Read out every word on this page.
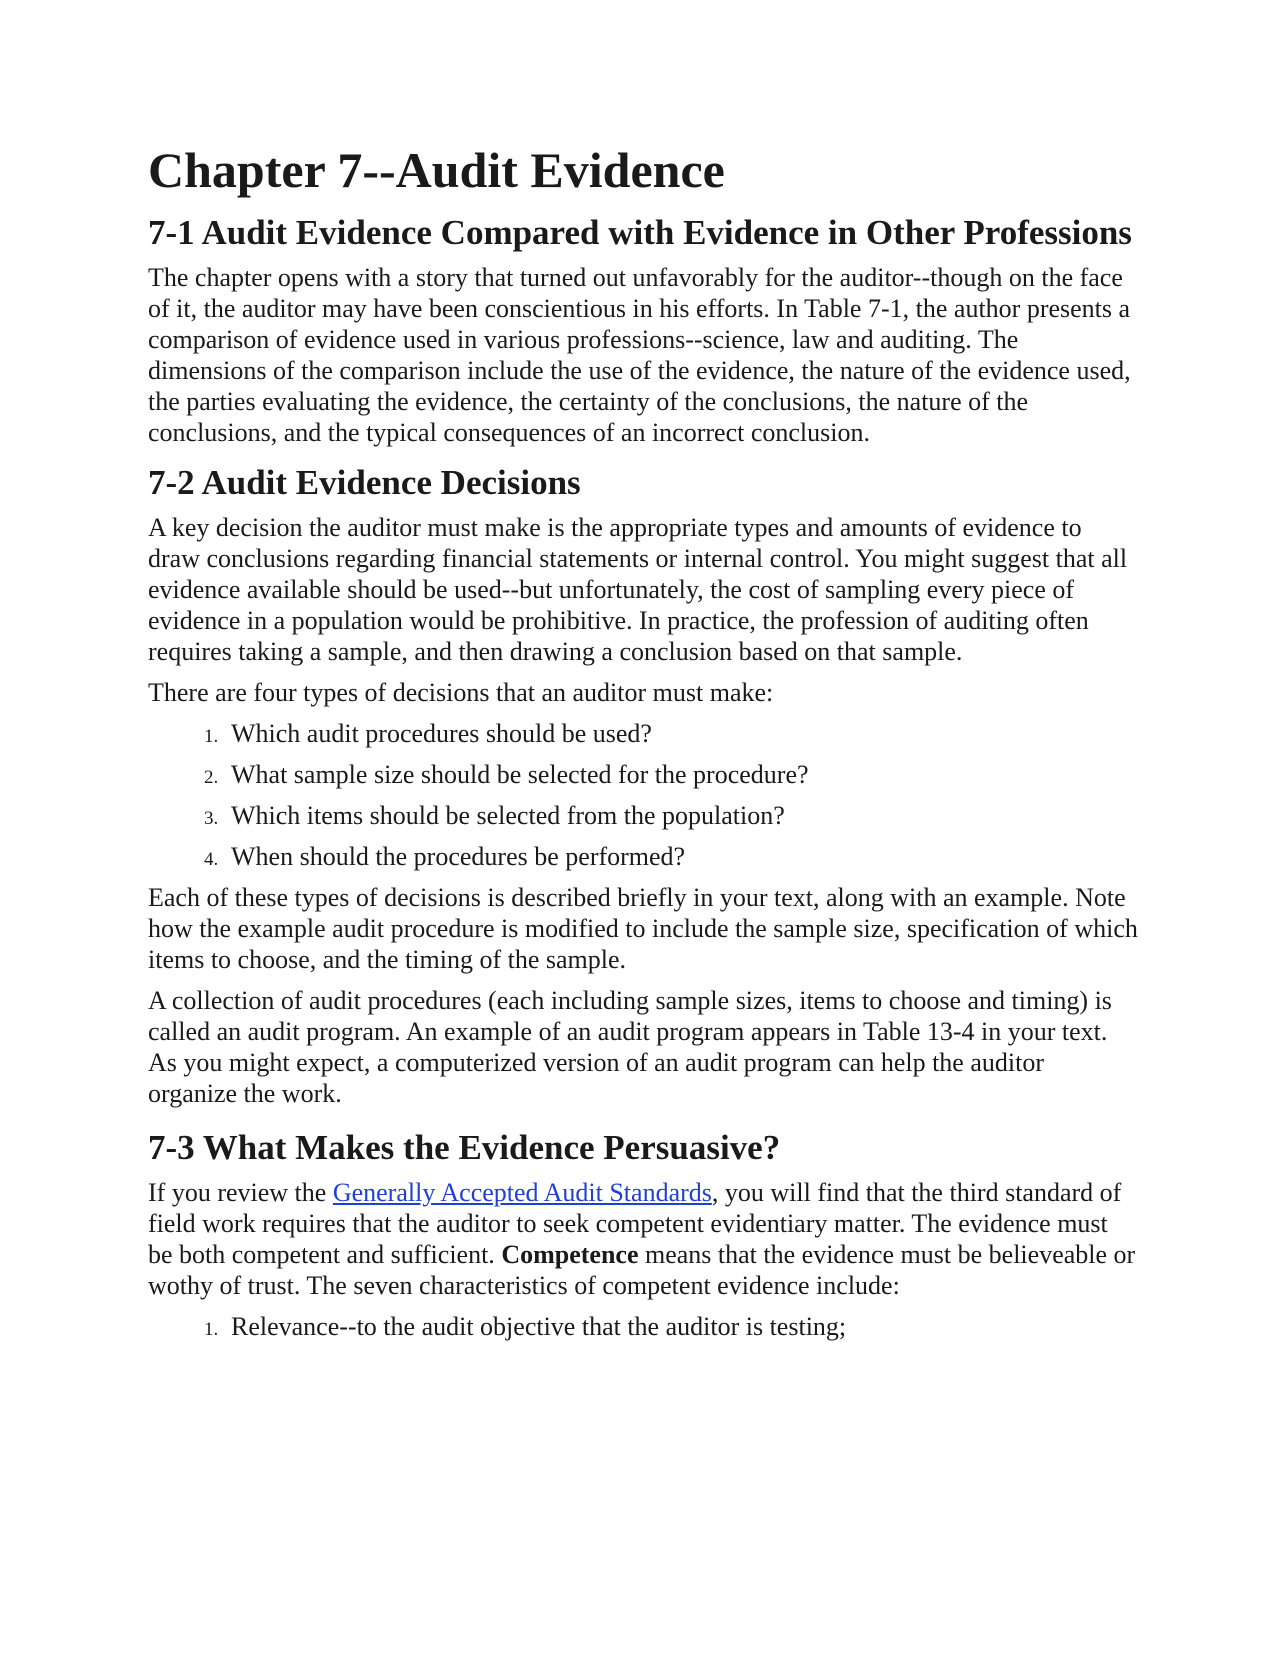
Chapter 7--Audit Evidence
7-1 Audit Evidence Compared with Evidence in Other Professions

The chapter opens with a story that turned out unfavorably for the auditor--though on the face of it, the auditor may have been conscientious in his efforts. In Table 7-1, the author presents a comparison of evidence used in various professions--science, law and auditing. The dimensions of the comparison include the use of the evidence, the nature of the evidence used, the parties evaluating the evidence, the certainty of the conclusions, the nature of the conclusions, and the typical consequences of an incorrect conclusion.

7-2 Audit Evidence Decisions

A key decision the auditor must make is the appropriate types and amounts of evidence to draw conclusions regarding financial statements or internal control. You might suggest that all evidence available should be used--but unfortunately, the cost of sampling every piece of evidence in a population would be prohibitive. In practice, the profession of auditing often requires taking a sample, and then drawing a conclusion based on that sample.

There are four types of decisions that an auditor must make:

1. Which audit procedures should be used?
2. What sample size should be selected for the procedure?
3. Which items should be selected from the population?
4. When should the procedures be performed?

Each of these types of decisions is described briefly in your text, along with an example. Note how the example audit procedure is modified to include the sample size, specification of which items to choose, and the timing of the sample.

A collection of audit procedures (each including sample sizes, items to choose and timing) is called an audit program. An example of an audit program appears in Table 13-4 in your text. As you might expect, a computerized version of an audit program can help the auditor organize the work.

7-3 What Makes the Evidence Persuasive?

If you review the Generally Accepted Audit Standards, you will find that the third standard of field work requires that the auditor to seek competent evidentiary matter. The evidence must be both competent and sufficient. Competence means that the evidence must be believeable or wothy of trust. The seven characteristics of competent evidence include:

1. Relevance--to the audit objective that the auditor is testing;
